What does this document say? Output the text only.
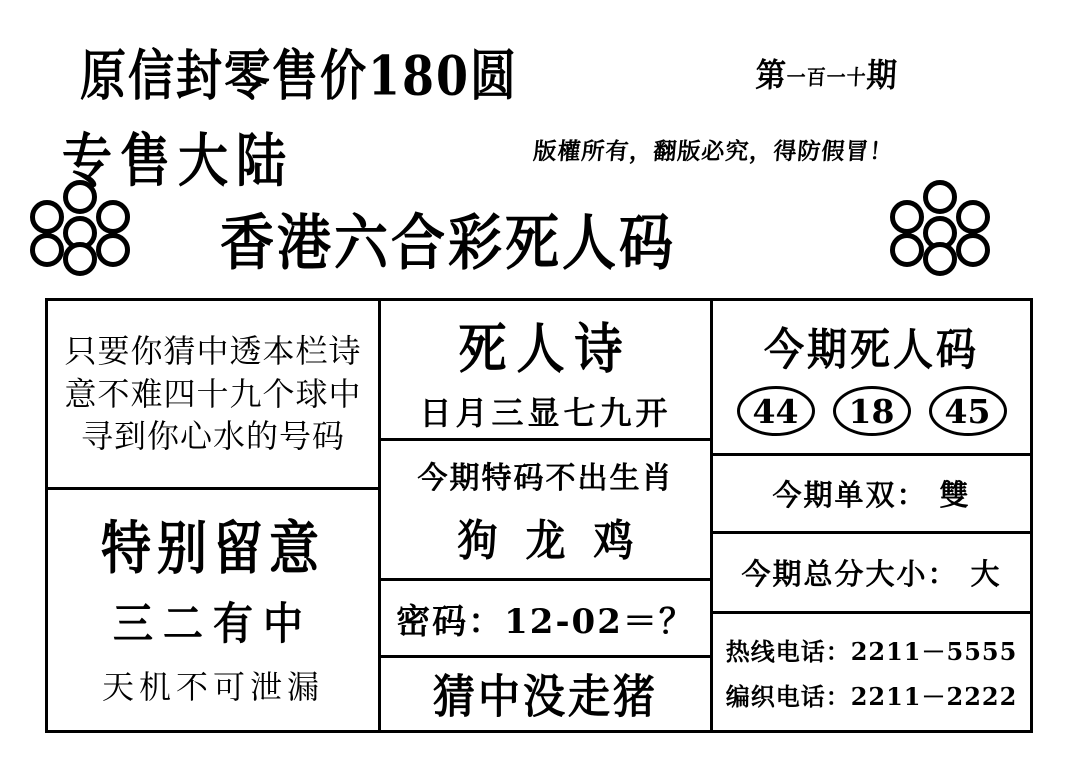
原信封零售价180圆	第一百一十期
专售大陆	版權所有，翻版必究，得防假冒！
香港六合彩死人码
只要你猜中透本栏诗意不难四十九个球中寻到你心水的号码
特别留意
三二有中
天机不可泄漏
死人诗
日月三显七九开
今期特码不出生肖
狗龙鸡
密码：12-02＝？
猜中没走猪
今期死人码
44	18	45
今期单双： 雙
今期总分大小： 大
热线电话：2211－5555
编织电话：2211－2222
